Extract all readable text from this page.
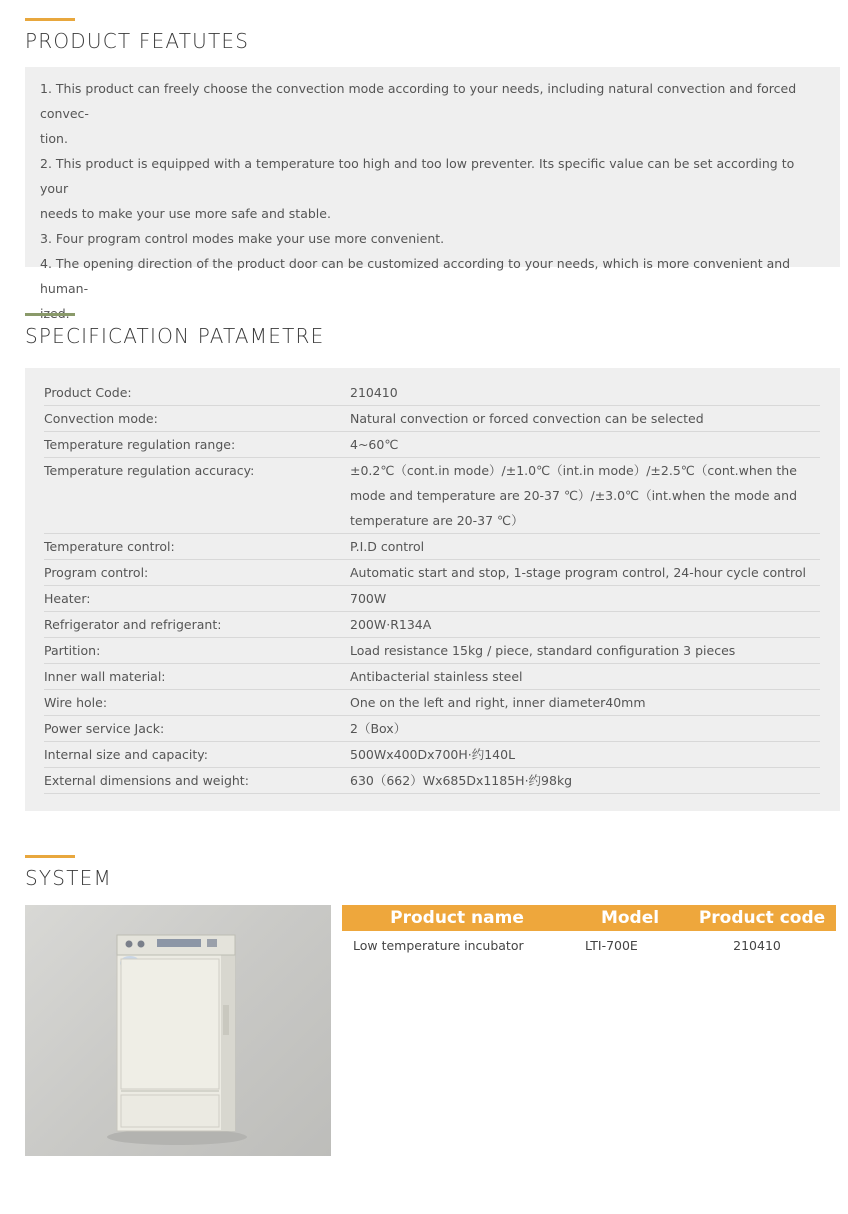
PRODUCT FEATUTES

1. This product can freely choose the convection mode according to your needs, including natural convection and forced convec-

tion.

2. This product is equipped with a temperature too high and too low preventer. Its specific value can be set according to your

needs to make your use more safe and stable.

3. Four program control modes make your use more convenient.

4. The opening direction of the product door can be customized according to your needs, which is more convenient and human-

SPECIFICATION PATAMETRE
Product Code:	210410
Convection mode:	Natural convection or forced convection can be selected
Temperature regulation range:	4~60℃
Temperature regulation accuracy:	±0.2℃（cont.in mode）/±1.0℃（int.in mode）/±2.5℃（cont.when the mode and temperature are 20-37 ℃）/±3.0℃（int.when the mode and temperature are 20-37 ℃）
Temperature control:	P.I.D control
Program control:	Automatic start and stop, 1-stage program control, 24-hour cycle control
Heater:	700W
Refrigerator and refrigerant:	200W·R134A
Partition:	Load resistance 15kg / piece, standard configuration 3 pieces
Inner wall material:	Antibacterial stainless steel
Wire hole:	One on the left and right, inner diameter40mm
Power service Jack:	2（Box）
Internal size and capacity:	500Wx400Dx700H·约140L
External dimensions and weight:	630（662）Wx685Dx1185H·约98kg
SYSTEM
Product name	Model	Product code
Low temperature incubator	LTI-700E	210410
